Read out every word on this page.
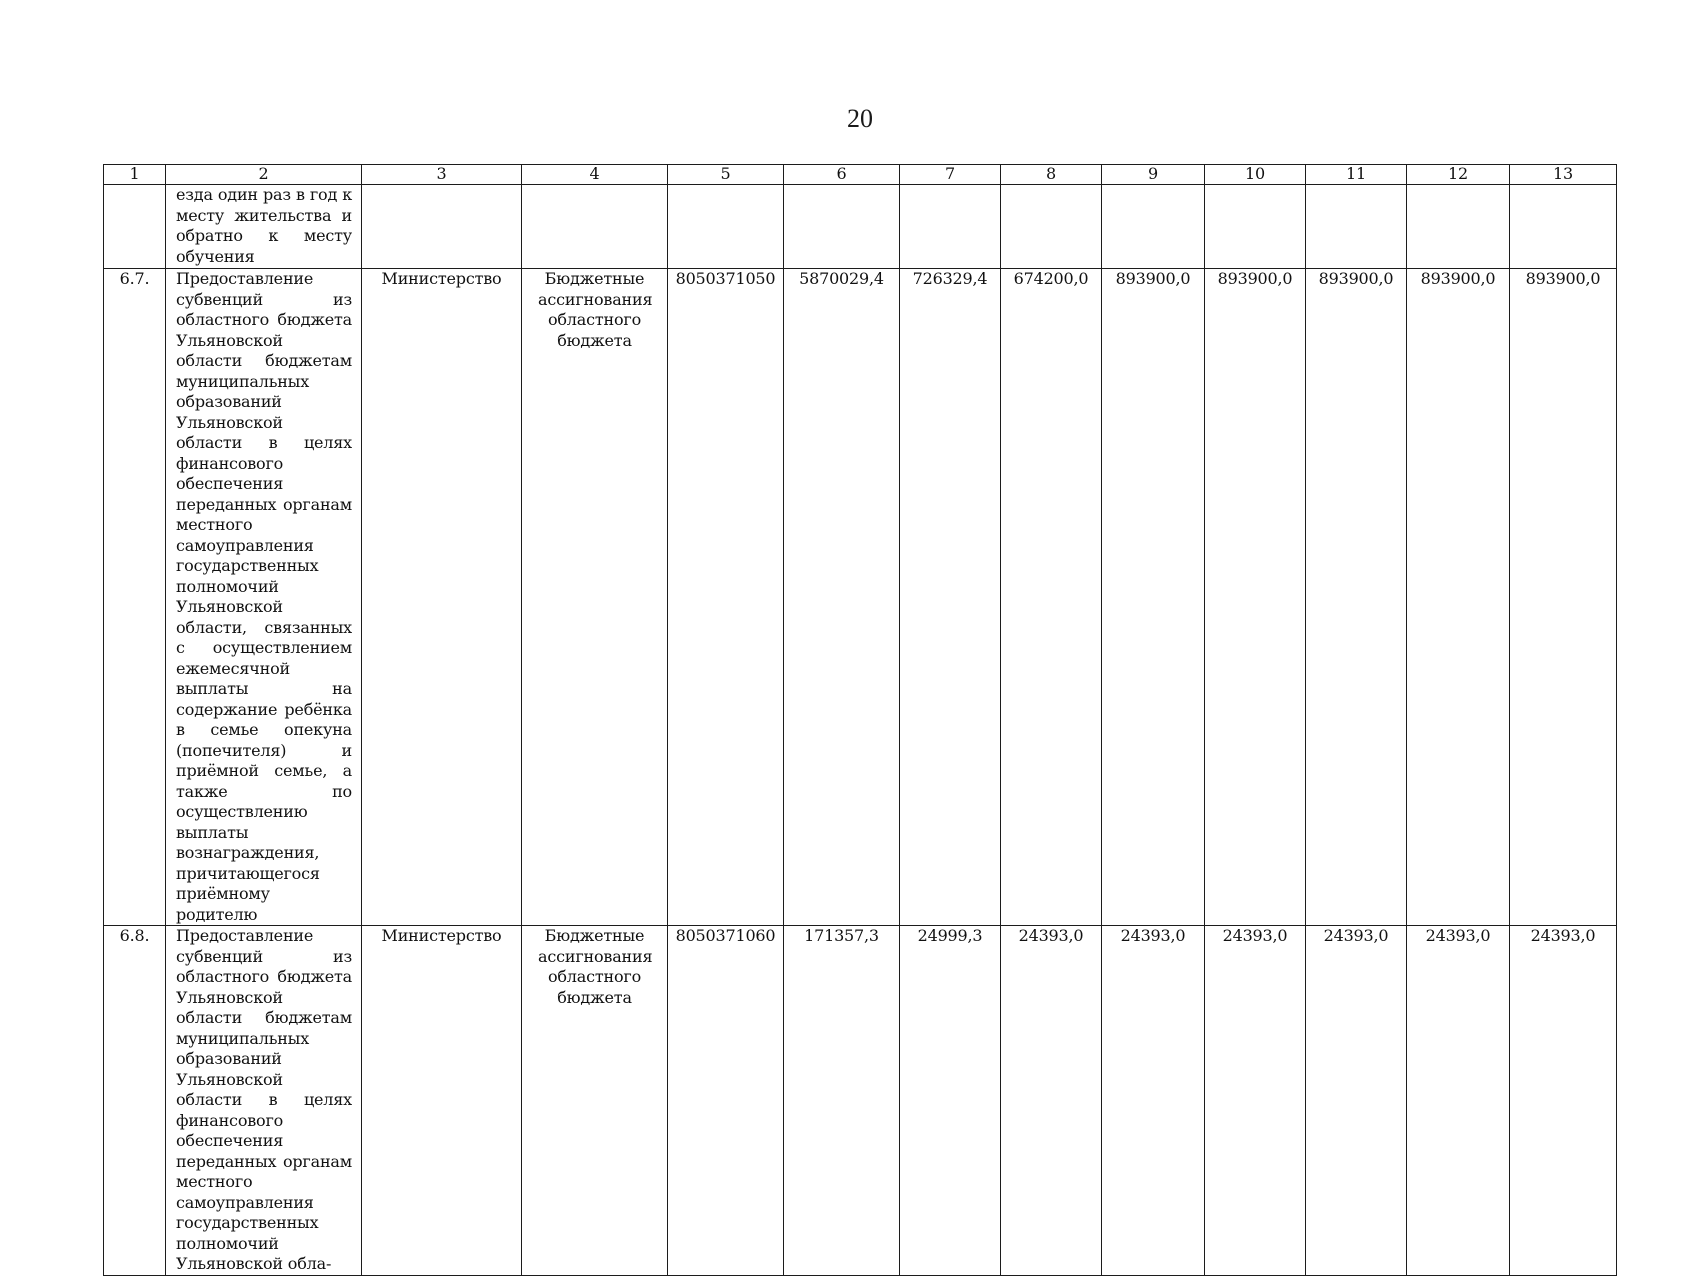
20
1	2	3	4	5	6	7	8	9	10	11	12	13
	езда один раз в год к месту жительства и обратно к месту обучения											
6.7.	Предоставление субвенций из областного бюджета Ульяновской области бюджетам муниципальных образований Ульяновской области в целях финансового обеспечения переданных органам местного самоуправления государственных полномочий Ульяновской области, связанных с осуществлением ежемесячной выплаты на содержание ребёнка в семье опекуна (попечителя) и приёмной семье, а также по осуществлению выплаты вознаграждения, причитающегося приёмному родителю	Министерство	Бюджетные ассигнования областного бюджета	8050371050	5870029,4	726329,4	674200,0	893900,0	893900,0	893900,0	893900,0	893900,0
6.8.	Предоставление субвенций из областного бюджета Ульяновской области бюджетам муниципальных образований Ульяновской области в целях финансового обеспечения переданных органам местного самоуправления государственных полномочий Ульяновской обла-	Министерство	Бюджетные ассигнования областного бюджета	8050371060	171357,3	24999,3	24393,0	24393,0	24393,0	24393,0	24393,0	24393,0
